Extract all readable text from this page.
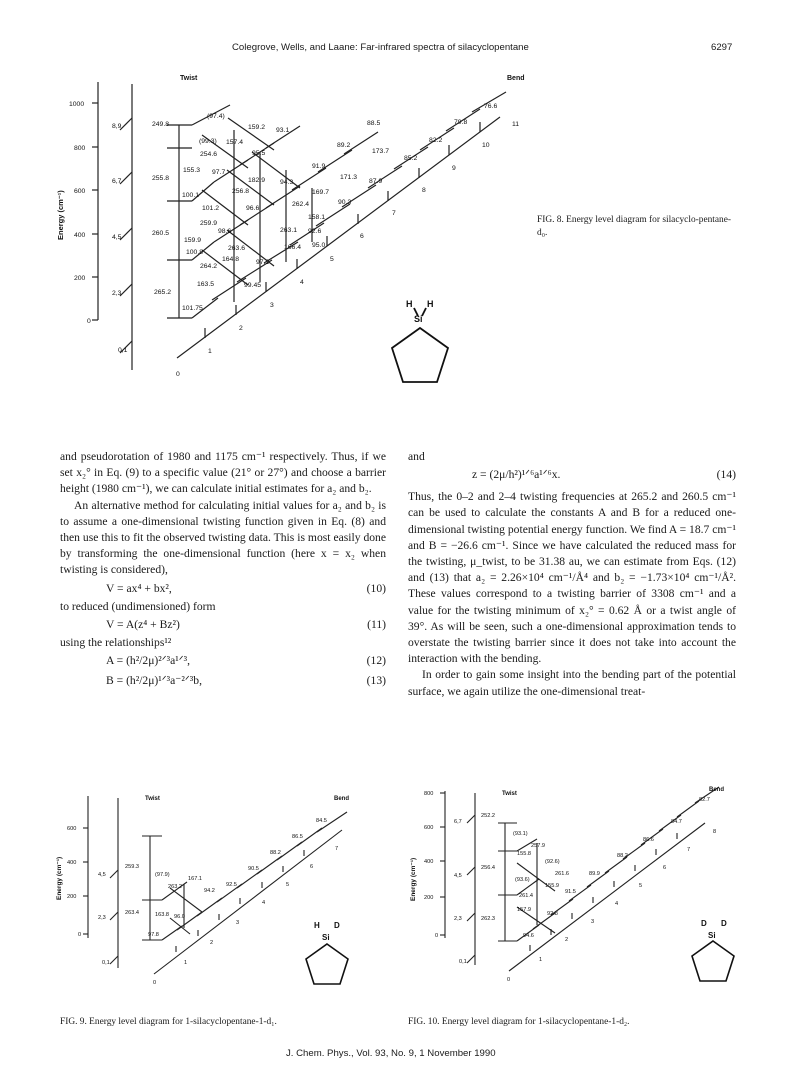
Colegrove, Wells, and Laane: Far-infrared spectra of silacyclopentane	6297
Twist	Bend
Energy (cm⁻¹)
1000
800
600
400
200
0
8,9
6,7
4,5
2,3
0,1
0
1
2
3
4
5
6
7
8
9
10
11
249.8
(97.4)
159.2 93.1
88.5	79.8
76.6
(99.3) 157.4
254.6	95.5
89.2
173.7
82.2
155.3 97.7
91.9
171.3
85.2
255.8	182.9 94.3
100.1
256.8	169.7
87.9
101.2	96.6
262.4	90.3
259.9
158.1
159.9
98.6	263.1 92.6
260.5
263.6	166.4
100.8
95.0
164.8
264.2
97.2
163.5	99.45
265.2
101.75	H H
Si
FIG. 8. Energy level diagram for silacyclo-pentane-d₀.

and pseudorotation of 1980 and 1175 cm⁻¹ respectively. Thus, if we set x₂° in Eq. (9) to a specific value (21° or 27°) and choose a barrier height (1980 cm⁻¹), we can calculate initial estimates for a₂ and b₂.

An alternative method for calculating initial values for a₂ and b₂ is to assume a one-dimensional twisting function given in Eq. (8) and then use this to fit the observed twisting data. This is most easily done by transforming the one-dimensional function (here x = x₂ when twisting is considered),

V = ax⁴ + bx²,	(10)

to reduced (undimensioned) form

V = A(z⁴ + Bz²)	(11)

using the relationships¹²

A = (h²/2μ)²ᐟ³a¹ᐟ³,	(12)
B = (h²/2μ)¹ᐟ³a⁻²ᐟ³b,	(13)

and

z = (2μ/h²)¹ᐟ⁶a¹ᐟ⁶x.	(14)

Thus, the 0–2 and 2–4 twisting frequencies at 265.2 and 260.5 cm⁻¹ can be used to calculate the constants A and B for a reduced one-dimensional twisting potential energy function. We find A = 18.7 cm⁻¹ and B = −26.6 cm⁻¹. Since we have calculated the reduced mass for the twisting, μ_twist, to be 31.38 au, we can estimate from Eqs. (12) and (13) that a₂ = 2.26×10⁴ cm⁻¹/Å⁴ and b₂ = −1.73×10⁴ cm⁻¹/Å². These values correspond to a twisting barrier of 3308 cm⁻¹ and a value for the twisting minimum of x₂° = 0.62 Å or a twist angle of 39°. As will be seen, such a one-dimensional approximation tends to overstate the twisting barrier since it does not take into account the interaction with the bending.

In order to gain some insight into the bending part of the potential surface, we again utilize the one-dimensional treat-

Twist	Bend
Energy (cm⁻¹)
600
400
200
0
4,5
2,3
0,1
0
1
2
3
4
5
6
7
259.3
(97.9)
167.1
263.2
94.2
92.5
90.5
88.2
86.5
84.5
263.4	163.8 96.0
97.8
H D
Si
Twist
Bend
Energy (cm⁻¹)
800
600
400
200
0
6,7
4,5
2,3
0,1
0
1
2
3
4
5
6
7
8
252.2
(93.1)
257.9
155.8
(92.6)
256.4
(93.6)
261.6
155.9
261.4
91.5
89.9
88.2
86.6
84.7
82.7
262.3
157.9
92.8
94.6
D D
Si
FIG. 9. Energy level diagram for 1-silacyclopentane-1-d₁.	FIG. 10. Energy level diagram for 1-silacyclopentane-1-d₂.
J. Chem. Phys., Vol. 93, No. 9, 1 November 1990
